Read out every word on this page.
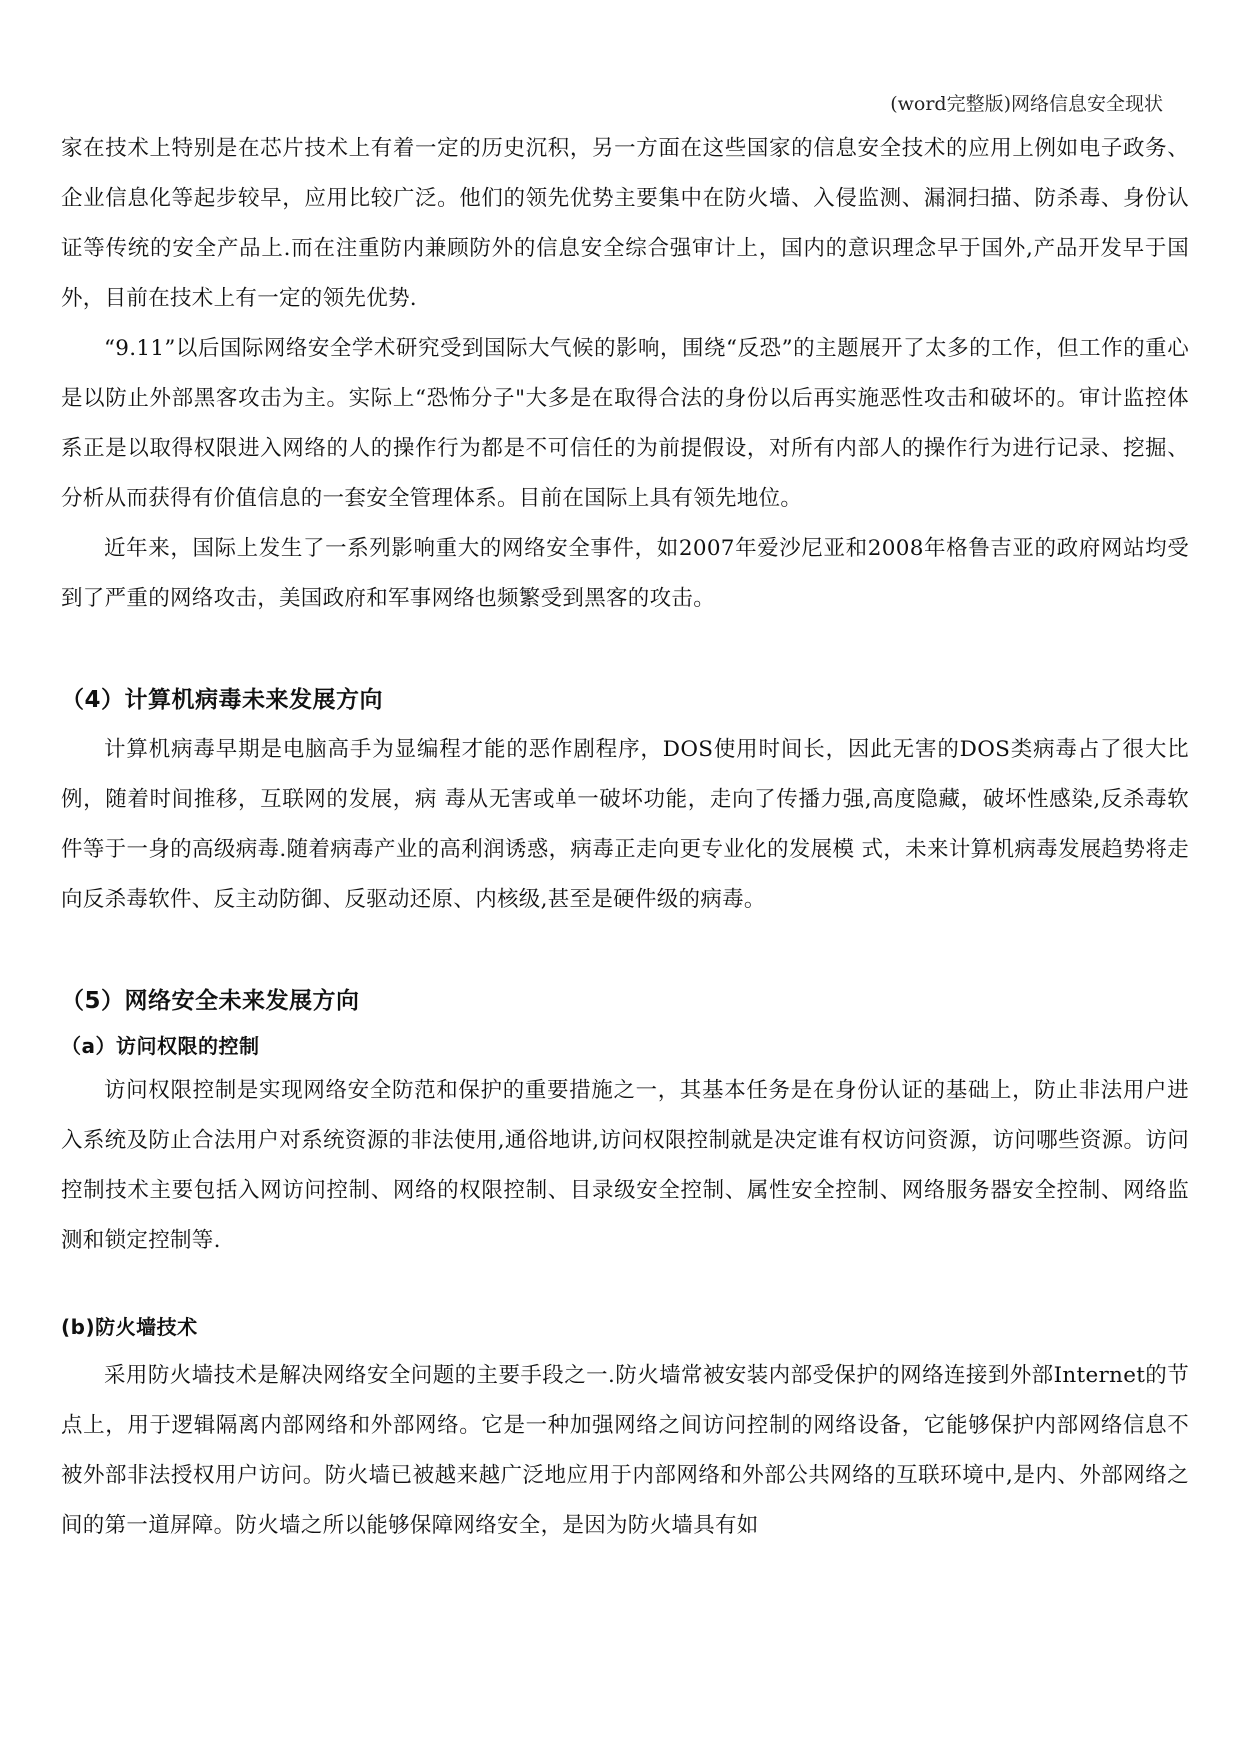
(word完整版)网络信息安全现状

家在技术上特别是在芯片技术上有着一定的历史沉积，另一方面在这些国家的信息安全技术的应用上例如电子政务、企业信息化等起步较早，应用比较广泛。他们的领先优势主要集中在防火墙、入侵监测、漏洞扫描、防杀毒、身份认证等传统的安全产品上.而在注重防内兼顾防外的信息安全综合强审计上，国内的意识理念早于国外,产品开发早于国外，目前在技术上有一定的领先优势.

“9.11”以后国际网络安全学术研究受到国际大气候的影响，围绕“反恐”的主题展开了太多的工作，但工作的重心是以防止外部黑客攻击为主。实际上“恐怖分子"大多是在取得合法的身份以后再实施恶性攻击和破坏的。审计监控体系正是以取得权限进入网络的人的操作行为都是不可信任的为前提假设，对所有内部人的操作行为进行记录、挖掘、分析从而获得有价值信息的一套安全管理体系。目前在国际上具有领先地位。

近年来，国际上发生了一系列影响重大的网络安全事件，如2007年爱沙尼亚和2008年格鲁吉亚的政府网站均受到了严重的网络攻击，美国政府和军事网络也频繁受到黑客的攻击。

（4）计算机病毒未来发展方向

计算机病毒早期是电脑高手为显编程才能的恶作剧程序，DOS使用时间长，因此无害的DOS类病毒占了很大比例，随着时间推移，互联网的发展，病 毒从无害或单一破坏功能，走向了传播力强,高度隐藏，破坏性感染,反杀毒软件等于一身的高级病毒.随着病毒产业的高利润诱惑，病毒正走向更专业化的发展模 式，未来计算机病毒发展趋势将走向反杀毒软件、反主动防御、反驱动还原、内核级,甚至是硬件级的病毒。

（5）网络安全未来发展方向
（a）访问权限的控制

访问权限控制是实现网络安全防范和保护的重要措施之一，其基本任务是在身份认证的基础上，防止非法用户进入系统及防止合法用户对系统资源的非法使用,通俗地讲,访问权限控制就是决定谁有权访问资源，访问哪些资源。访问控制技术主要包括入网访问控制、网络的权限控制、目录级安全控制、属性安全控制、网络服务器安全控制、网络监测和锁定控制等.

(b)防火墙技术

采用防火墙技术是解决网络安全问题的主要手段之一.防火墙常被安装内部受保护的网络连接到外部Internet的节点上，用于逻辑隔离内部网络和外部网络。它是一种加强网络之间访问控制的网络设备，它能够保护内部网络信息不被外部非法授权用户访问。防火墙已被越来越广泛地应用于内部网络和外部公共网络的互联环境中,是内、外部网络之间的第一道屏障。防火墙之所以能够保障网络安全，是因为防火墙具有如
